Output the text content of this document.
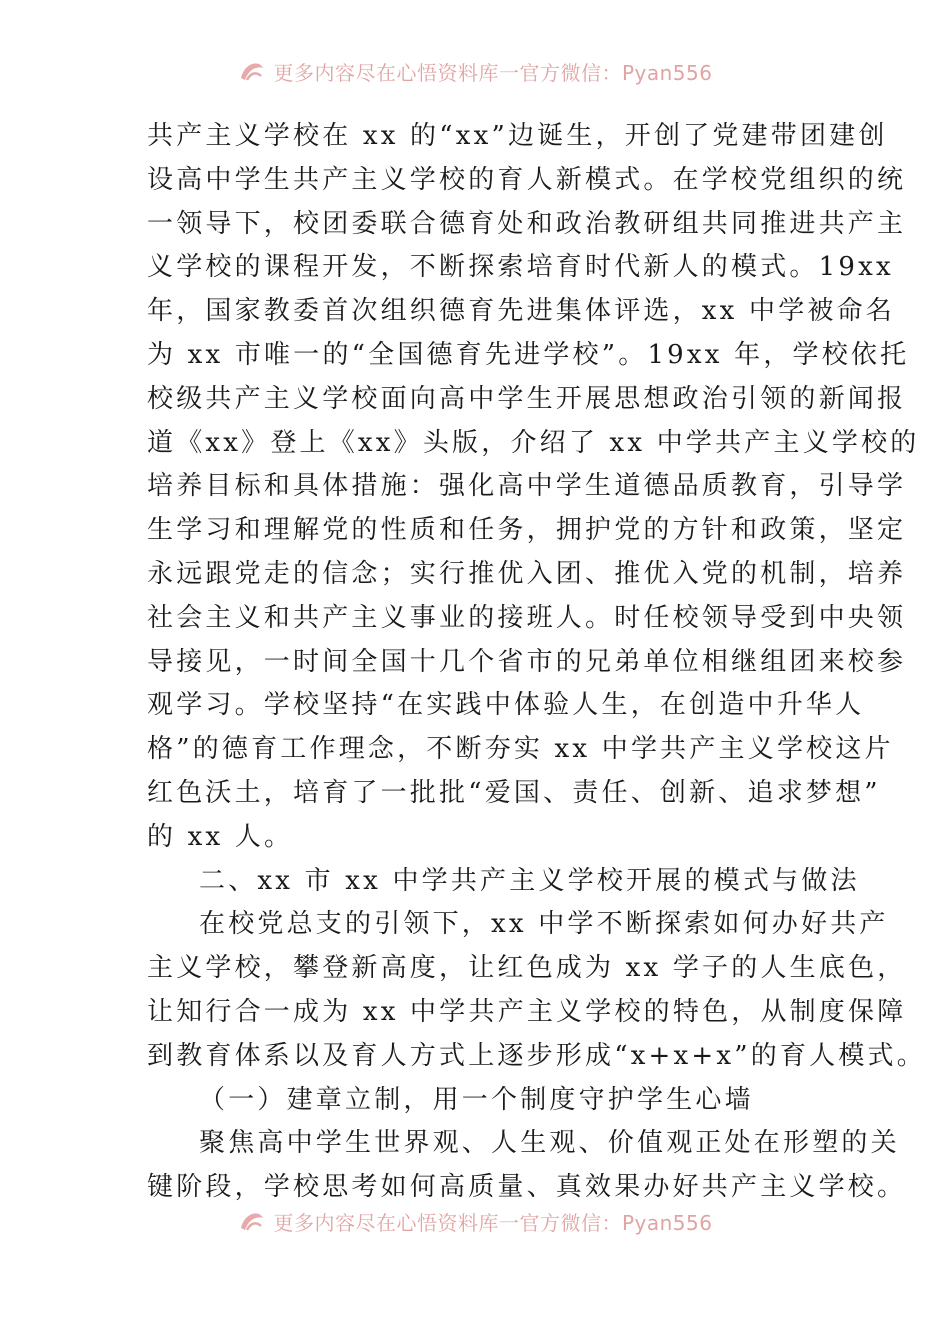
更多内容尽在心悟资料库一官方微信：Pyan556
共产主义学校在 xx 的“xx”边诞生，开创了党建带团建创
设高中学生共产主义学校的育人新模式。在学校党组织的统
一领导下，校团委联合德育处和政治教研组共同推进共产主
义学校的课程开发，不断探索培育时代新人的模式。19xx
年，国家教委首次组织德育先进集体评选，xx 中学被命名
为 xx 市唯一的“全国德育先进学校”。19xx 年，学校依托
校级共产主义学校面向高中学生开展思想政治引领的新闻报
道《xx》登上《xx》头版，介绍了 xx 中学共产主义学校的
培养目标和具体措施：强化高中学生道德品质教育，引导学
生学习和理解党的性质和任务，拥护党的方针和政策，坚定
永远跟党走的信念；实行推优入团、推优入党的机制，培养
社会主义和共产主义事业的接班人。时任校领导受到中央领
导接见，一时间全国十几个省市的兄弟单位相继组团来校参
观学习。学校坚持“在实践中体验人生，在创造中升华人
格”的德育工作理念，不断夯实 xx 中学共产主义学校这片
红色沃土，培育了一批批“爱国、责任、创新、追求梦想”
的 xx 人。
二、xx 市 xx 中学共产主义学校开展的模式与做法
在校党总支的引领下，xx 中学不断探索如何办好共产
主义学校，攀登新高度，让红色成为 xx 学子的人生底色，
让知行合一成为 xx 中学共产主义学校的特色，从制度保障
到教育体系以及育人方式上逐步形成“x+x+x”的育人模式。
（一）建章立制，用一个制度守护学生心墙
聚焦高中学生世界观、人生观、价值观正处在形塑的关
键阶段，学校思考如何高质量、真效果办好共产主义学校。
更多内容尽在心悟资料库一官方微信：Pyan556
